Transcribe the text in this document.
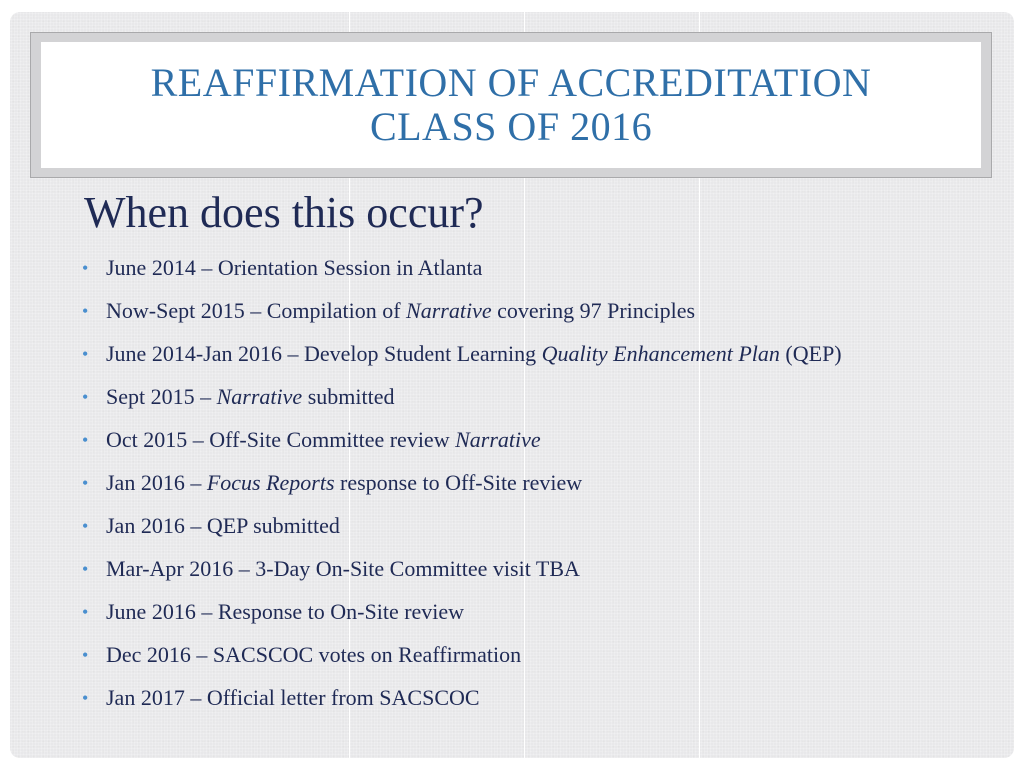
REAFFIRMATION OF ACCREDITATION
CLASS OF 2016
When does this occur?
• June 2014 – Orientation Session in Atlanta
• Now-Sept 2015 – Compilation of Narrative covering 97 Principles
• June 2014-Jan 2016 – Develop Student Learning Quality Enhancement Plan (QEP)
• Sept 2015 – Narrative submitted
• Oct 2015 – Off-Site Committee review Narrative
• Jan 2016 – Focus Reports response to Off-Site review
• Jan 2016 – QEP submitted
• Mar-Apr 2016 – 3-Day On-Site Committee visit TBA
• June 2016 – Response to On-Site review
• Dec 2016 – SACSCOC votes on Reaffirmation
• Jan 2017 – Official letter from SACSCOC
